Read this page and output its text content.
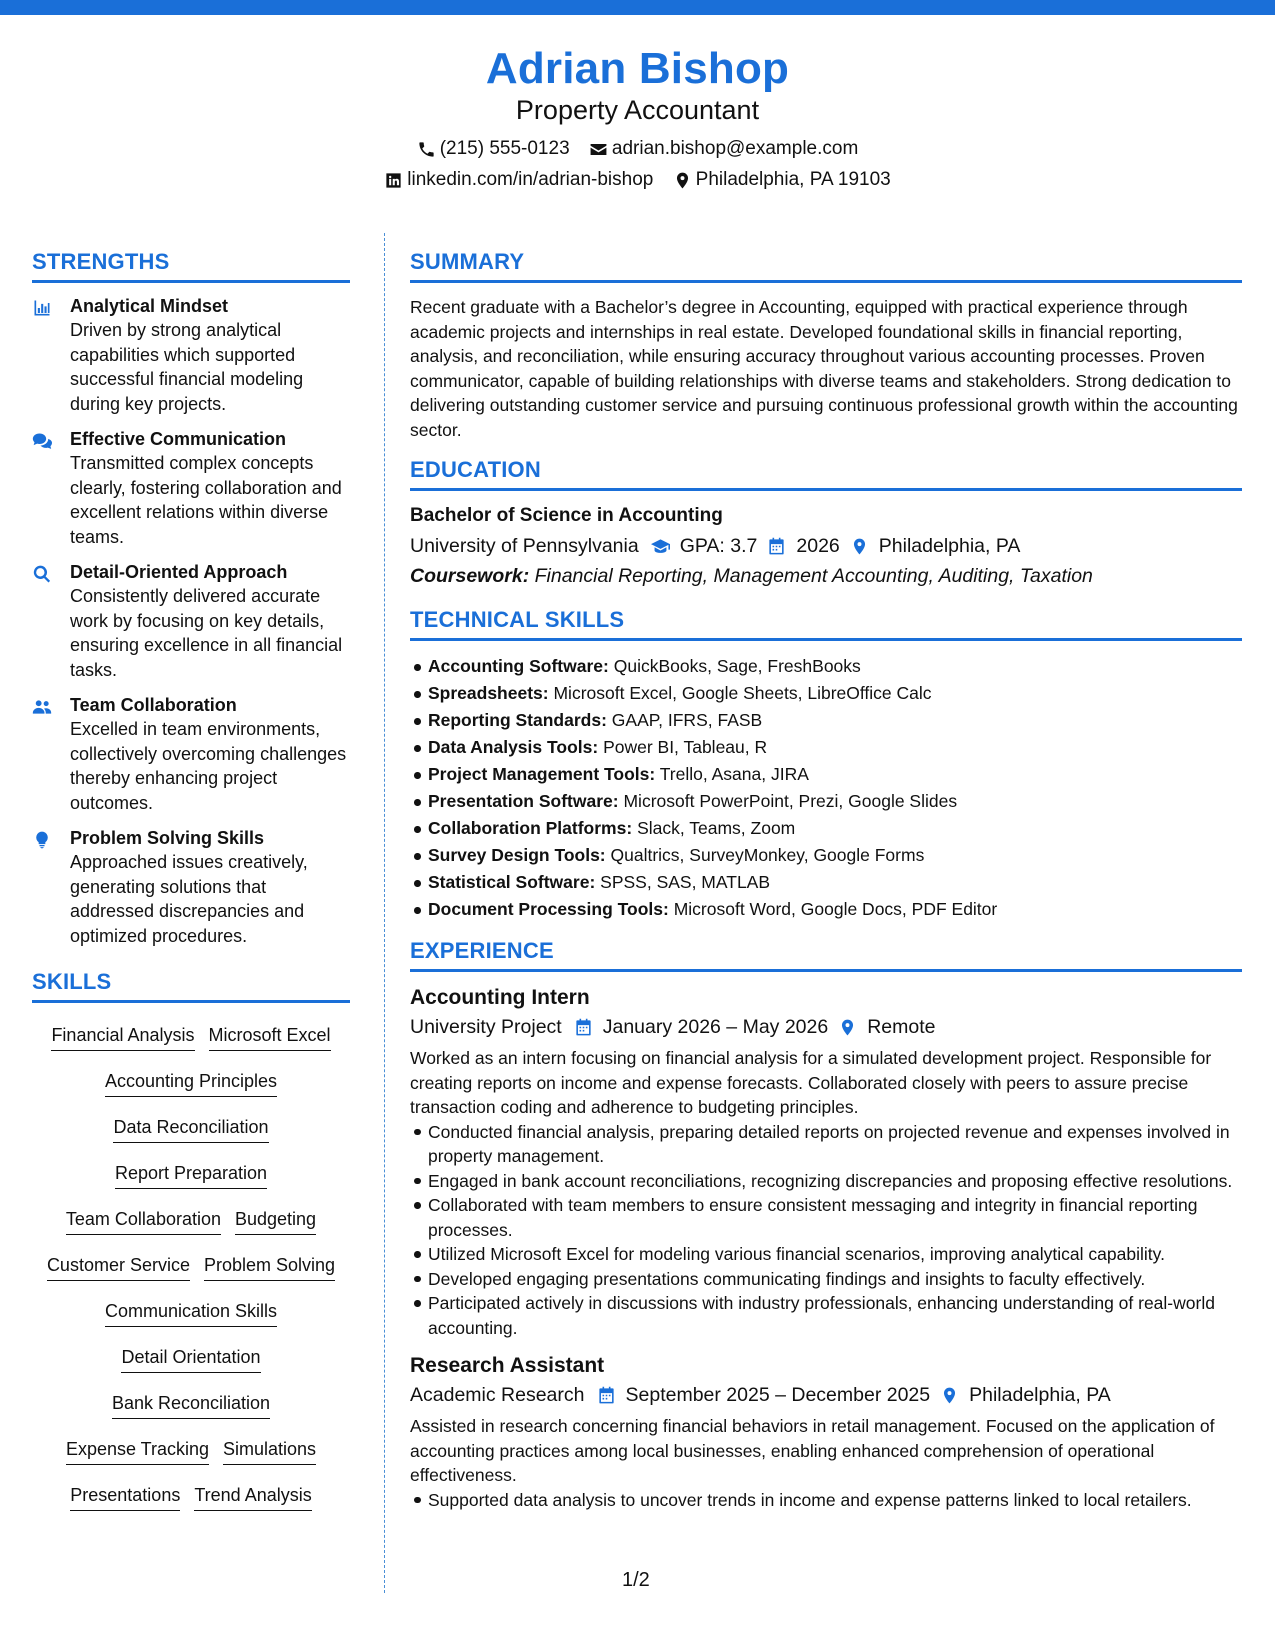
Adrian Bishop
Property Accountant
(215) 555-0123
adrian.bishop@example.com
linkedin.com/in/adrian-bishop
Philadelphia, PA 19103
STRENGTHS
Analytical Mindset
Driven by strong analytical capabilities which supported successful financial modeling during key projects.
Effective Communication
Transmitted complex concepts clearly, fostering collaboration and excellent relations within diverse teams.
Detail-Oriented Approach
Consistently delivered accurate work by focusing on key details, ensuring excellence in all financial tasks.
Team Collaboration
Excelled in team environments, collectively overcoming challenges thereby enhancing project outcomes.
Problem Solving Skills
Approached issues creatively, generating solutions that addressed discrepancies and optimized procedures.
SKILLS
Financial Analysis Microsoft Excel
Accounting Principles
Data Reconciliation
Report Preparation
Team Collaboration Budgeting
Customer Service Problem Solving
Communication Skills
Detail Orientation
Bank Reconciliation
Expense Tracking Simulations
Presentations Trend Analysis
SUMMARY
Recent graduate with a Bachelor’s degree in Accounting, equipped with practical experience through academic projects and internships in real estate. Developed foundational skills in financial reporting, analysis, and reconciliation, while ensuring accuracy throughout various accounting processes. Proven communicator, capable of building relationships with diverse teams and stakeholders. Strong dedication to delivering outstanding customer service and pursuing continuous professional growth within the accounting sector.
EDUCATION
Bachelor of Science in Accounting
University of Pennsylvania GPA: 3.7 2026 Philadelphia, PA
Coursework: Financial Reporting, Management Accounting, Auditing, Taxation
TECHNICAL SKILLS
Accounting Software: QuickBooks, Sage, FreshBooks
Spreadsheets: Microsoft Excel, Google Sheets, LibreOffice Calc
Reporting Standards: GAAP, IFRS, FASB
Data Analysis Tools: Power BI, Tableau, R
Project Management Tools: Trello, Asana, JIRA
Presentation Software: Microsoft PowerPoint, Prezi, Google Slides
Collaboration Platforms: Slack, Teams, Zoom
Survey Design Tools: Qualtrics, SurveyMonkey, Google Forms
Statistical Software: SPSS, SAS, MATLAB
Document Processing Tools: Microsoft Word, Google Docs, PDF Editor
EXPERIENCE
Accounting Intern
University Project January 2026 – May 2026 Remote
Worked as an intern focusing on financial analysis for a simulated development project. Responsible for creating reports on income and expense forecasts. Collaborated closely with peers to assure precise transaction coding and adherence to budgeting principles.
Conducted financial analysis, preparing detailed reports on projected revenue and expenses involved in property management.
Engaged in bank account reconciliations, recognizing discrepancies and proposing effective resolutions.
Collaborated with team members to ensure consistent messaging and integrity in financial reporting processes.
Utilized Microsoft Excel for modeling various financial scenarios, improving analytical capability.
Developed engaging presentations communicating findings and insights to faculty effectively.
Participated actively in discussions with industry professionals, enhancing understanding of real-world accounting.
Research Assistant
Academic Research September 2025 – December 2025 Philadelphia, PA
Assisted in research concerning financial behaviors in retail management. Focused on the application of accounting practices among local businesses, enabling enhanced comprehension of operational effectiveness.
Supported data analysis to uncover trends in income and expense patterns linked to local retailers.
1/2
